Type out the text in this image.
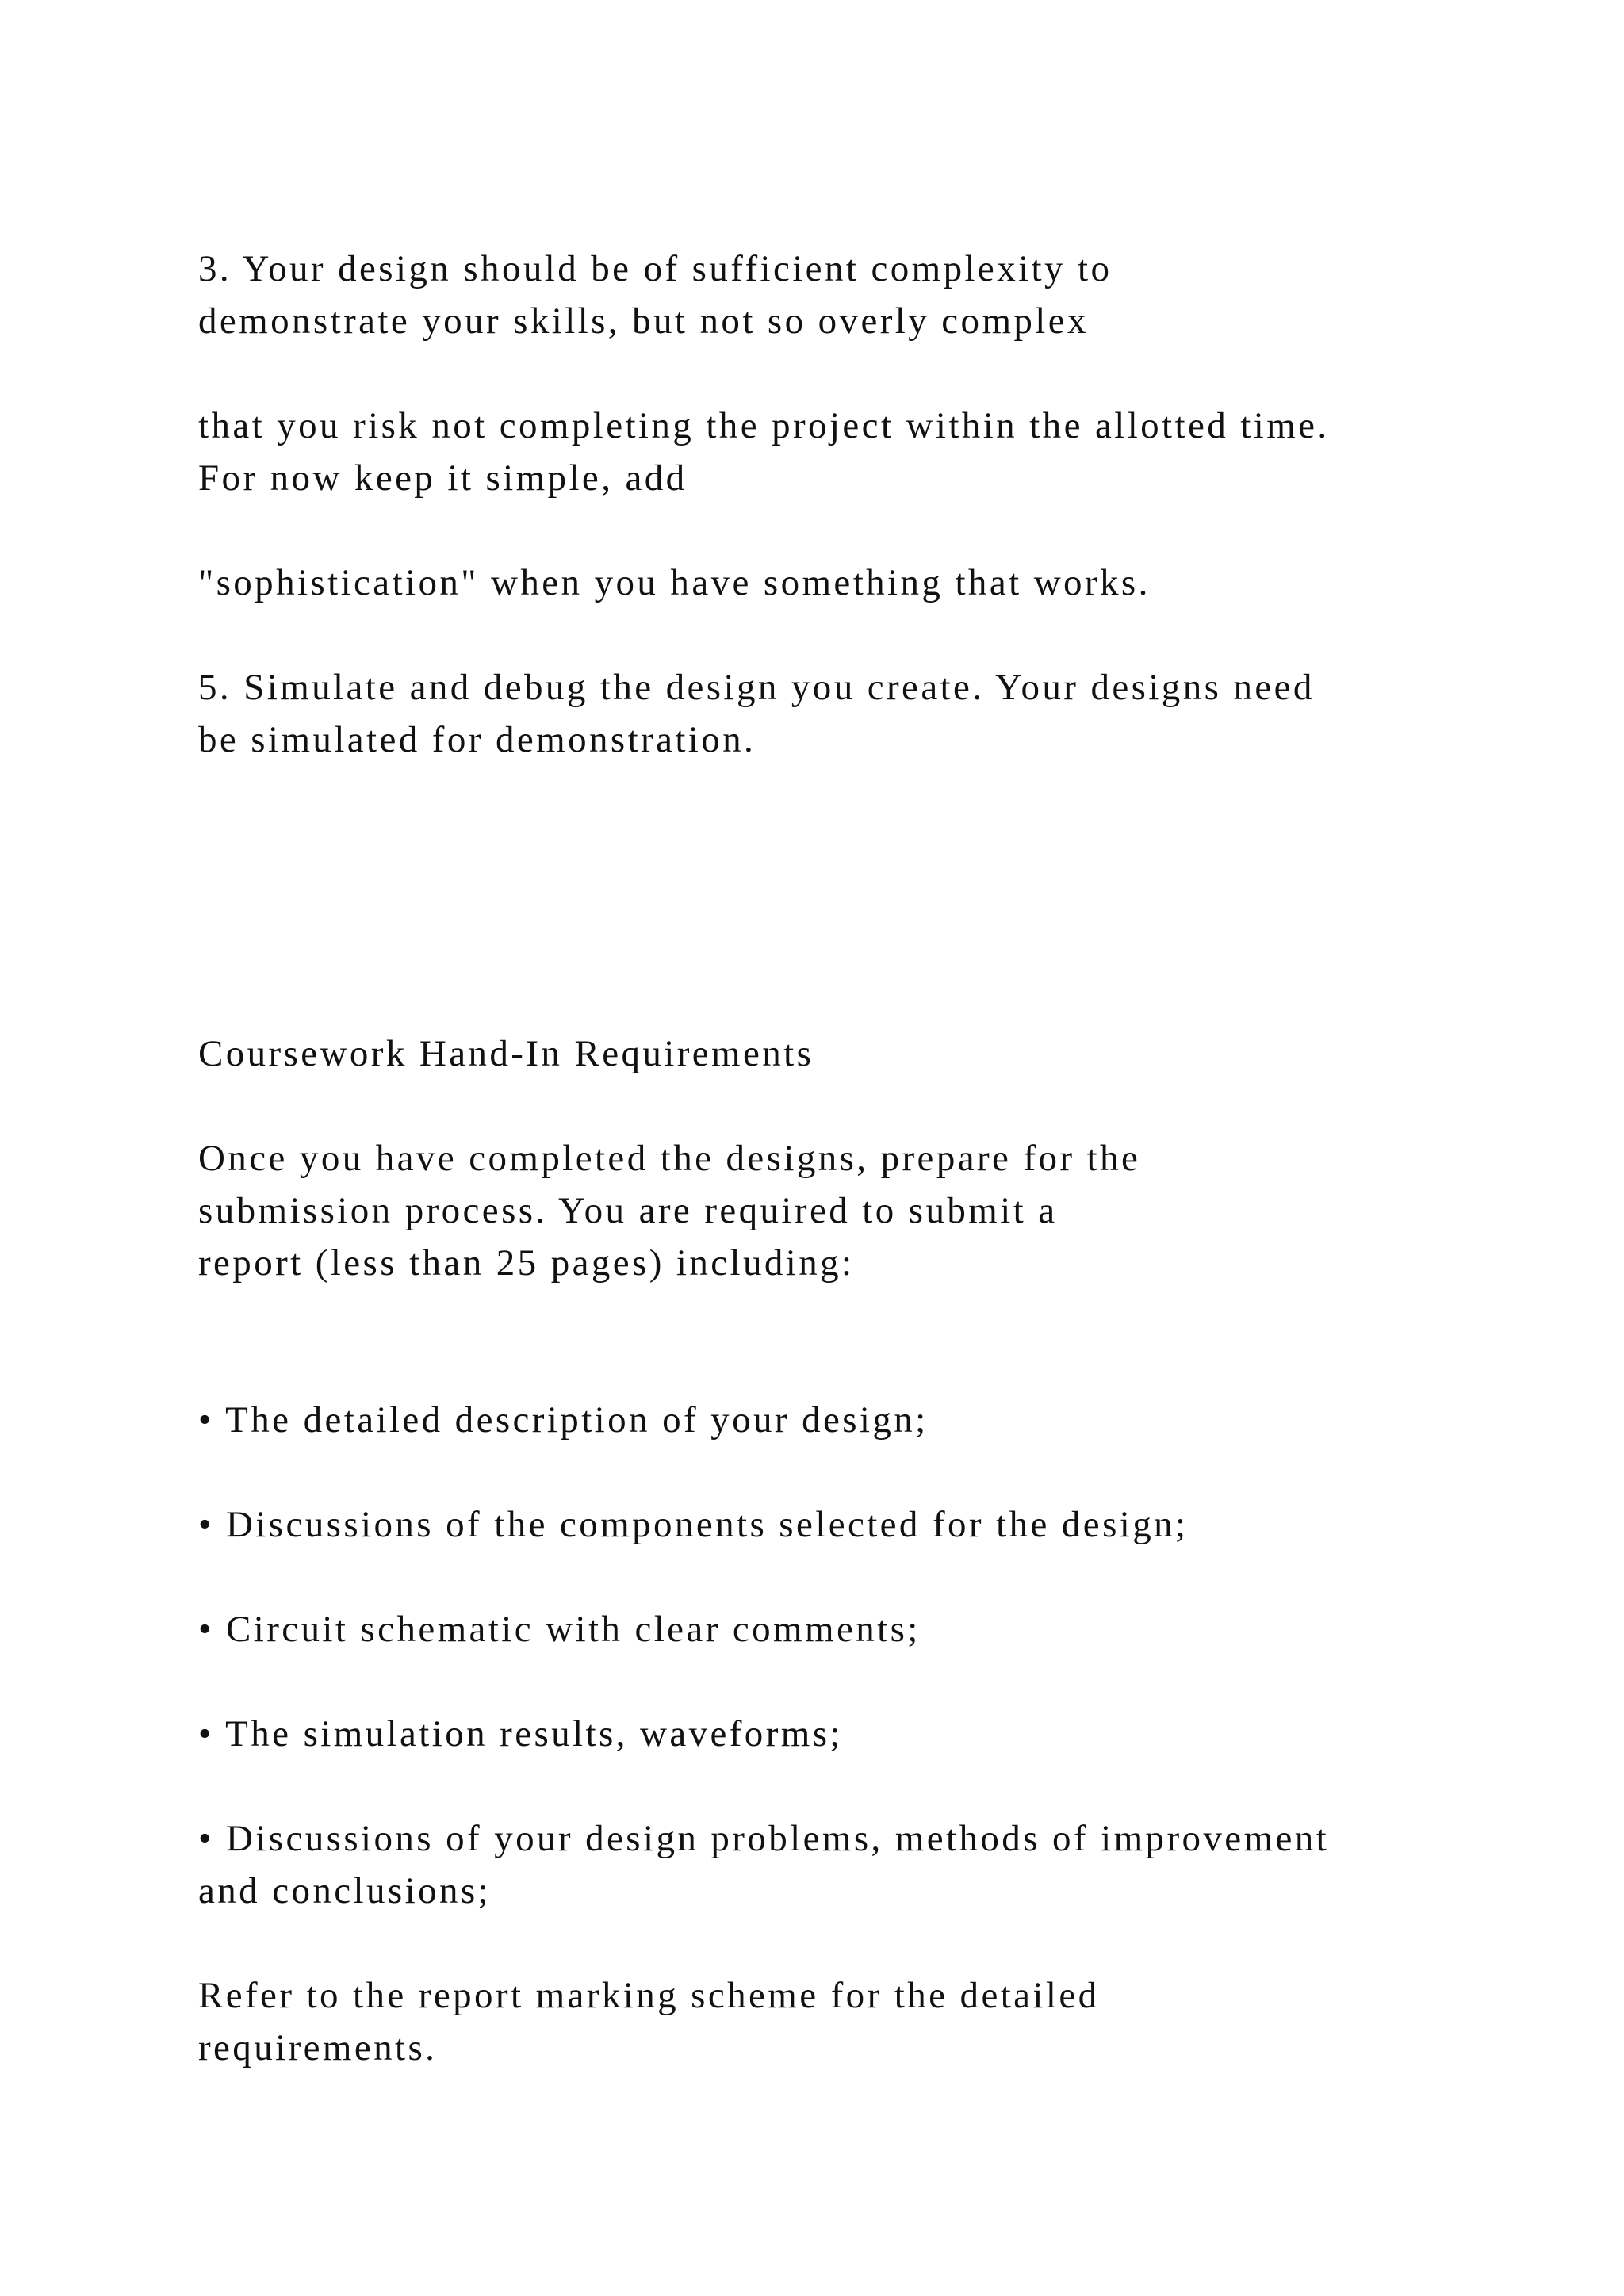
3. Your design should be of sufficient complexity to
demonstrate your skills, but not so overly complex
that you risk not completing the project within the allotted time.
For now keep it simple, add
"sophistication" when you have something that works.
5. Simulate and debug the design you create. Your designs need
be simulated for demonstration.
Coursework Hand-In Requirements
Once you have completed the designs, prepare for the
submission process. You are required to submit a
report (less than 25 pages) including:
• The detailed description of your design;
• Discussions of the components selected for the design;
• Circuit schematic with clear comments;
• The simulation results, waveforms;
• Discussions of your design problems, methods of improvement
and conclusions;
Refer to the report marking scheme for the detailed
requirements.
